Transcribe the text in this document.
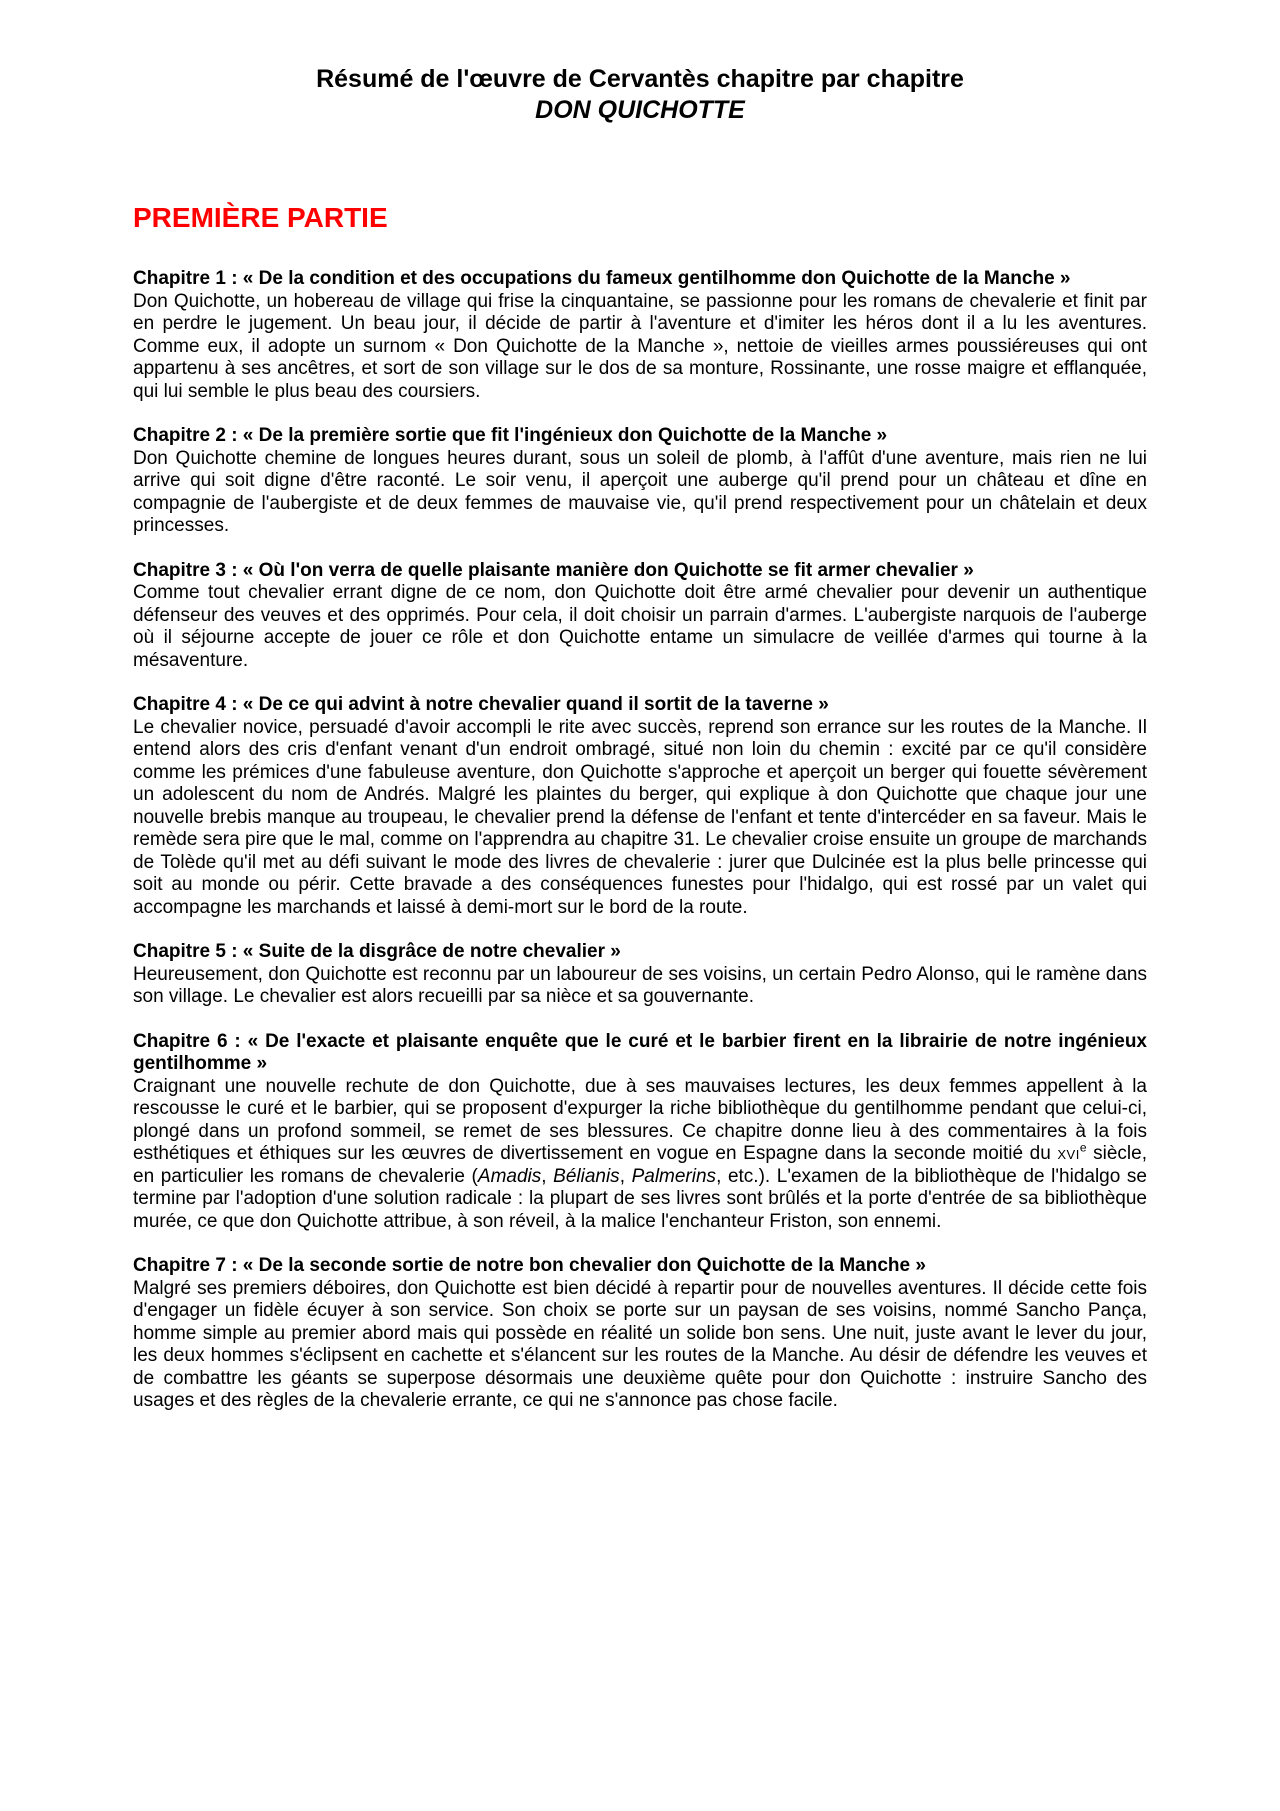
Résumé de l'œuvre de Cervantès chapitre par chapitre
DON QUICHOTTE
PREMIÈRE PARTIE

Chapitre 1 : « De la condition et des occupations du fameux gentilhomme don Quichotte de la Manche »

Don Quichotte, un hobereau de village qui frise la cinquantaine, se passionne pour les romans de chevalerie et finit par en perdre le jugement. Un beau jour, il décide de partir à l'aventure et d'imiter les héros dont il a lu les aventures. Comme eux, il adopte un surnom « Don Quichotte de la Manche », nettoie de vieilles armes poussiéreuses qui ont appartenu à ses ancêtres, et sort de son village sur le dos de sa monture, Rossinante, une rosse maigre et efflanquée, qui lui semble le plus beau des coursiers.

Chapitre 2 : « De la première sortie que fit l'ingénieux don Quichotte de la Manche »

Don Quichotte chemine de longues heures durant, sous un soleil de plomb, à l'affût d'une aventure, mais rien ne lui arrive qui soit digne d'être raconté. Le soir venu, il aperçoit une auberge qu'il prend pour un château et dîne en compagnie de l'aubergiste et de deux femmes de mauvaise vie, qu'il prend respectivement pour un châtelain et deux princesses.

Chapitre 3 : « Où l'on verra de quelle plaisante manière don Quichotte se fit armer chevalier »

Comme tout chevalier errant digne de ce nom, don Quichotte doit être armé chevalier pour devenir un authentique défenseur des veuves et des opprimés. Pour cela, il doit choisir un parrain d'armes. L'aubergiste narquois de l'auberge où il séjourne accepte de jouer ce rôle et don Quichotte entame un simulacre de veillée d'armes qui tourne à la mésaventure.

Chapitre 4 : « De ce qui advint à notre chevalier quand il sortit de la taverne »

Le chevalier novice, persuadé d'avoir accompli le rite avec succès, reprend son errance sur les routes de la Manche. Il entend alors des cris d'enfant venant d'un endroit ombragé, situé non loin du chemin : excité par ce qu'il considère comme les prémices d'une fabuleuse aventure, don Quichotte s'approche et aperçoit un berger qui fouette sévèrement un adolescent du nom de Andrés. Malgré les plaintes du berger, qui explique à don Quichotte que chaque jour une nouvelle brebis manque au troupeau, le chevalier prend la défense de l'enfant et tente d'intercéder en sa faveur. Mais le remède sera pire que le mal, comme on l'apprendra au chapitre 31. Le chevalier croise ensuite un groupe de marchands de Tolède qu'il met au défi suivant le mode des livres de chevalerie : jurer que Dulcinée est la plus belle princesse qui soit au monde ou périr. Cette bravade a des conséquences funestes pour l'hidalgo, qui est rossé par un valet qui accompagne les marchands et laissé à demi-mort sur le bord de la route.

Chapitre 5 : « Suite de la disgrâce de notre chevalier »

Heureusement, don Quichotte est reconnu par un laboureur de ses voisins, un certain Pedro Alonso, qui le ramène dans son village. Le chevalier est alors recueilli par sa nièce et sa gouvernante.

Chapitre 6 : « De l'exacte et plaisante enquête que le curé et le barbier firent en la librairie de notre ingénieux gentilhomme »

Craignant une nouvelle rechute de don Quichotte, due à ses mauvaises lectures, les deux femmes appellent à la rescousse le curé et le barbier, qui se proposent d'expurger la riche bibliothèque du gentilhomme pendant que celui-ci, plongé dans un profond sommeil, se remet de ses blessures. Ce chapitre donne lieu à des commentaires à la fois esthétiques et éthiques sur les œuvres de divertissement en vogue en Espagne dans la seconde moitié du xvi$^e$ siècle, en particulier les romans de chevalerie (Amadis, Bélianis, Palmerins, etc.). L'examen de la bibliothèque de l'hidalgo se termine par l'adoption d'une solution radicale : la plupart de ses livres sont brûlés et la porte d'entrée de sa bibliothèque murée, ce que don Quichotte attribue, à son réveil, à la malice l'enchanteur Friston, son ennemi.

Chapitre 7 : « De la seconde sortie de notre bon chevalier don Quichotte de la Manche »

Malgré ses premiers déboires, don Quichotte est bien décidé à repartir pour de nouvelles aventures. Il décide cette fois d'engager un fidèle écuyer à son service. Son choix se porte sur un paysan de ses voisins, nommé Sancho Pança, homme simple au premier abord mais qui possède en réalité un solide bon sens. Une nuit, juste avant le lever du jour, les deux hommes s'éclipsent en cachette et s'élancent sur les routes de la Manche. Au désir de défendre les veuves et de combattre les géants se superpose désormais une deuxième quête pour don Quichotte : instruire Sancho des usages et des règles de la chevalerie errante, ce qui ne s'annonce pas chose facile.
